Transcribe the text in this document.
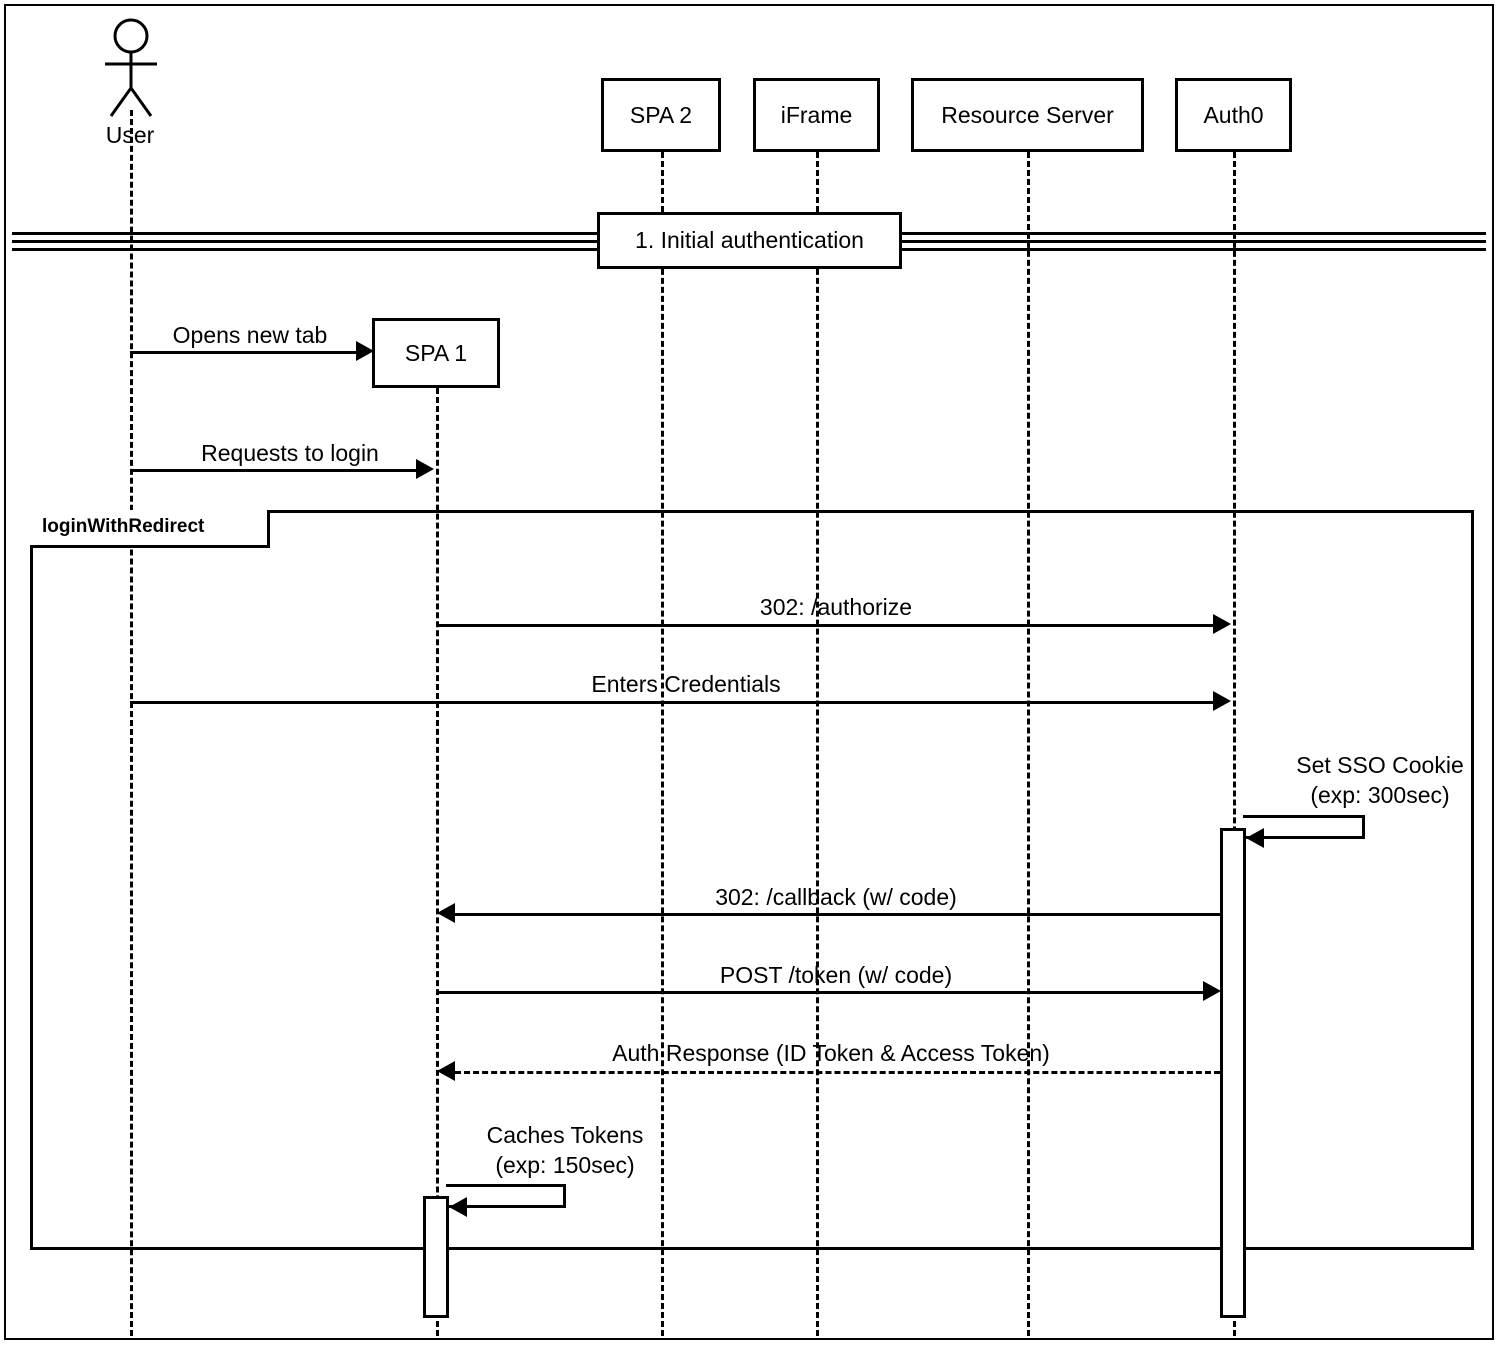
User
SPA 2	iFrame	Resource Server	Auth0
1. Initial authentication
Opens new tab
SPA 1
Requests to login
loginWithRedirect
302: /authorize
Enters Credentials
Set SSO Cookie
(exp: 300sec)
302: /callback (w/ code)
POST /token (w/ code)
Auth Response (ID Token & Access Token)
Caches Tokens
(exp: 150sec)
